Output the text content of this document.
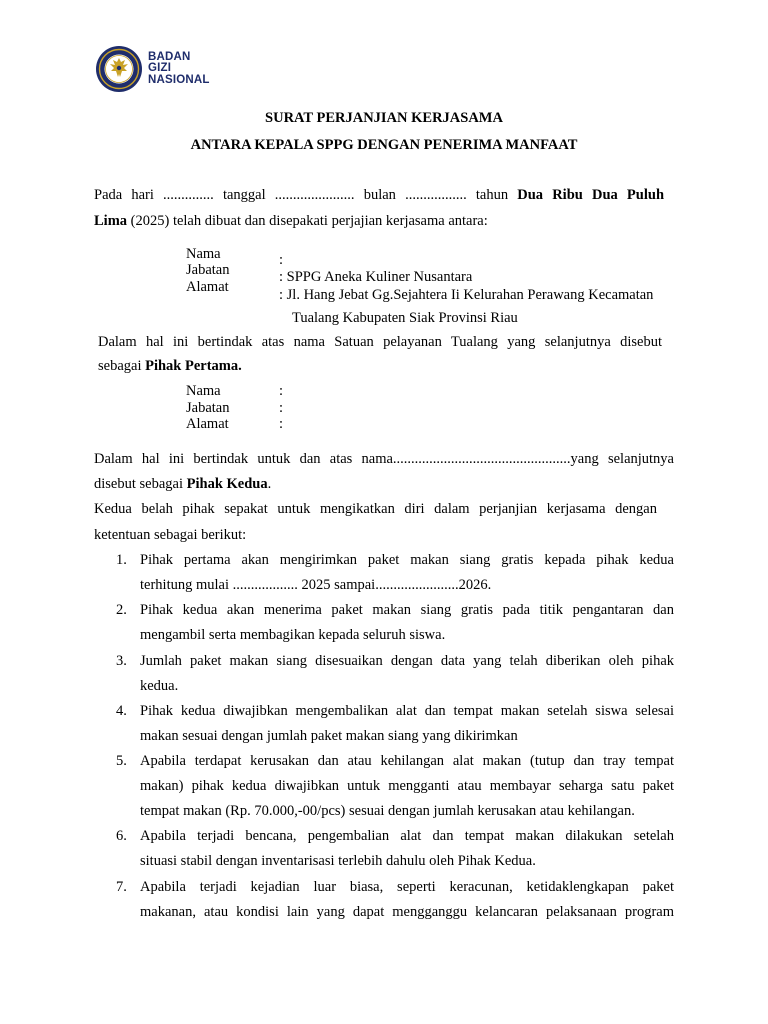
BADAN
GIZI
NASIONAL
SURAT PERJANJIAN KERJASAMA
ANTARA KEPALA SPPG DENGAN PENERIMA MANFAAT
Pada hari .............. tanggal ...................... bulan ................. tahun Dua Ribu Dua Puluh
Lima (2025) telah dibuat dan disepakati perjajian kerjasama antara:
Nama
Jabatan
Alamat
:
: SPPG Aneka Kuliner Nusantara
: Jl. Hang Jebat Gg.Sejahtera Ii Kelurahan Perawang Kecamatan
Tualang Kabupaten Siak Provinsi Riau
Dalam hal ini bertindak atas nama Satuan pelayanan Tualang yang selanjutnya disebut
sebagai Pihak Pertama.
Nama
Jabatan
Alamat
:
:
:
Dalam hal ini bertindak untuk dan atas nama.................................................yang selanjutnya
disebut sebagai Pihak Kedua.
Kedua belah pihak sepakat untuk mengikatkan diri dalam perjanjian kerjasama dengan
ketentuan sebagai berikut:
1. Pihak pertama akan mengirimkan paket makan siang gratis kepada pihak kedua
terhitung mulai .................. 2025 sampai.......................2026.
2. Pihak kedua akan menerima paket makan siang gratis pada titik pengantaran dan
mengambil serta membagikan kepada seluruh siswa.
3. Jumlah paket makan siang disesuaikan dengan data yang telah diberikan oleh pihak
kedua.
4. Pihak kedua diwajibkan mengembalikan alat dan tempat makan setelah siswa selesai
makan sesuai dengan jumlah paket makan siang yang dikirimkan
5. Apabila terdapat kerusakan dan atau kehilangan alat makan (tutup dan tray tempat
makan) pihak kedua diwajibkan untuk mengganti atau membayar seharga satu paket
tempat makan (Rp. 70.000,-00/pcs) sesuai dengan jumlah kerusakan atau kehilangan.
6. Apabila terjadi bencana, pengembalian alat dan tempat makan dilakukan setelah
situasi stabil dengan inventarisasi terlebih dahulu oleh Pihak Kedua.
7. Apabila terjadi kejadian luar biasa, seperti keracunan, ketidaklengkapan paket
makanan, atau kondisi lain yang dapat mengganggu kelancaran pelaksanaan program
